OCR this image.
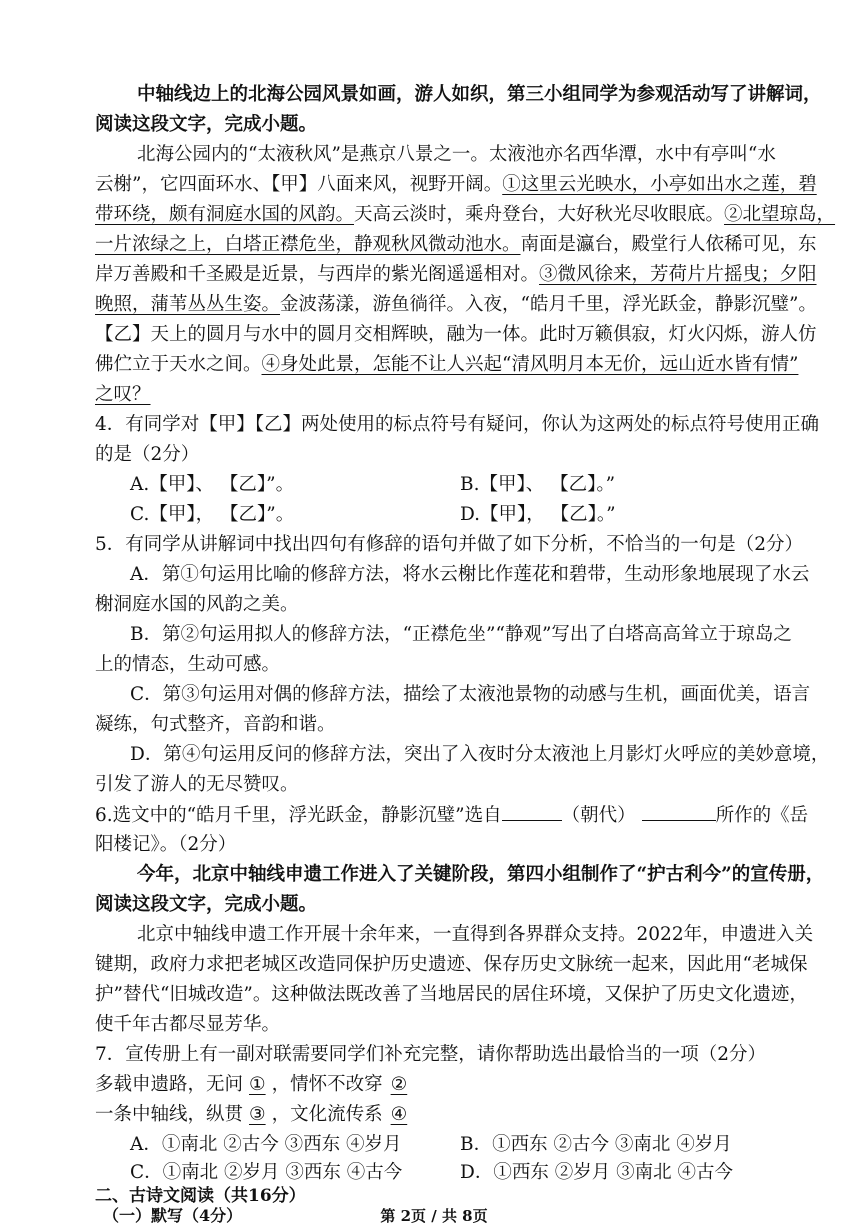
中轴线边上的北海公园风景如画，游人如织，第三小组同学为参观活动写了讲解词，
阅读这段文字，完成小题。
北海公园内的“太液秋风”是燕京八景之一。太液池亦名西华潭，水中有亭叫“水
云榭”，它四面环水、【甲】八面来风，视野开阔。①这里云光映水，小亭如出水之莲，碧
带环绕，颇有洞庭水国的风韵。天高云淡时，乘舟登台，大好秋光尽收眼底。②北望琼岛，
一片浓绿之上，白塔正襟危坐，静观秋风微动池水。南面是瀛台，殿堂行人依稀可见，东
岸万善殿和千圣殿是近景，与西岸的紫光阁遥遥相对。③微风徐来，芳荷片片摇曳；夕阳
晚照，蒲苇丛丛生姿。金波荡漾，游鱼徜徉。入夜，“皓月千里，浮光跃金，静影沉璧”。
【乙】天上的圆月与水中的圆月交相辉映，融为一体。此时万籁俱寂，灯火闪烁，游人仿
佛伫立于天水之间。④身处此景，怎能不让人兴起“清风明月本无价，远山近水皆有情”
之叹？
4．有同学对【甲】【乙】两处使用的标点符号有疑问，你认为这两处的标点符号使用正确
的是（2分）
A.【甲】、 【乙】”。	B.【甲】、 【乙】。”
C.【甲】， 【乙】”。	D.【甲】， 【乙】。”
5．有同学从讲解词中找出四句有修辞的语句并做了如下分析，不恰当的一句是（2分）
A．第①句运用比喻的修辞方法，将水云榭比作莲花和碧带，生动形象地展现了水云
榭洞庭水国的风韵之美。
B．第②句运用拟人的修辞方法，“正襟危坐”“静观”写出了白塔高高耸立于琼岛之
上的情态，生动可感。
C．第③句运用对偶的修辞方法，描绘了太液池景物的动感与生机，画面优美，语言
凝练，句式整齐，音韵和谐。
D．第④句运用反问的修辞方法，突出了入夜时分太液池上月影灯火呼应的美妙意境，
引发了游人的无尽赞叹。
6.选文中的“皓月千里，浮光跃金，静影沉璧”选自	（朝代）	所作的《岳
阳楼记》。（2分）
今年，北京中轴线申遗工作进入了关键阶段，第四小组制作了“护古利今”的宣传册，
阅读这段文字，完成小题。
北京中轴线申遗工作开展十余年来，一直得到各界群众支持。2022年，申遗进入关
键期，政府力求把老城区改造同保护历史遗迹、保存历史文脉统一起来，因此用“老城保
护”替代“旧城改造”。这种做法既改善了当地居民的居住环境，又保护了历史文化遗迹，
使千年古都尽显芳华。
7．宣传册上有一副对联需要同学们补充完整，请你帮助选出最恰当的一项（2分）
多载申遗路，无问 ① ，情怀不改穿 ②
一条中轴线，纵贯 ③ ，文化流传系 ④
A．①南北 ②古今 ③西东 ④岁月	B．①西东 ②古今 ③南北 ④岁月
C．①南北 ②岁月 ③西东 ④古今	D．①西东 ②岁月 ③南北 ④古今
二、古诗文阅读（共16分）
（一）默写（4分）	第 2页 / 共 8页
